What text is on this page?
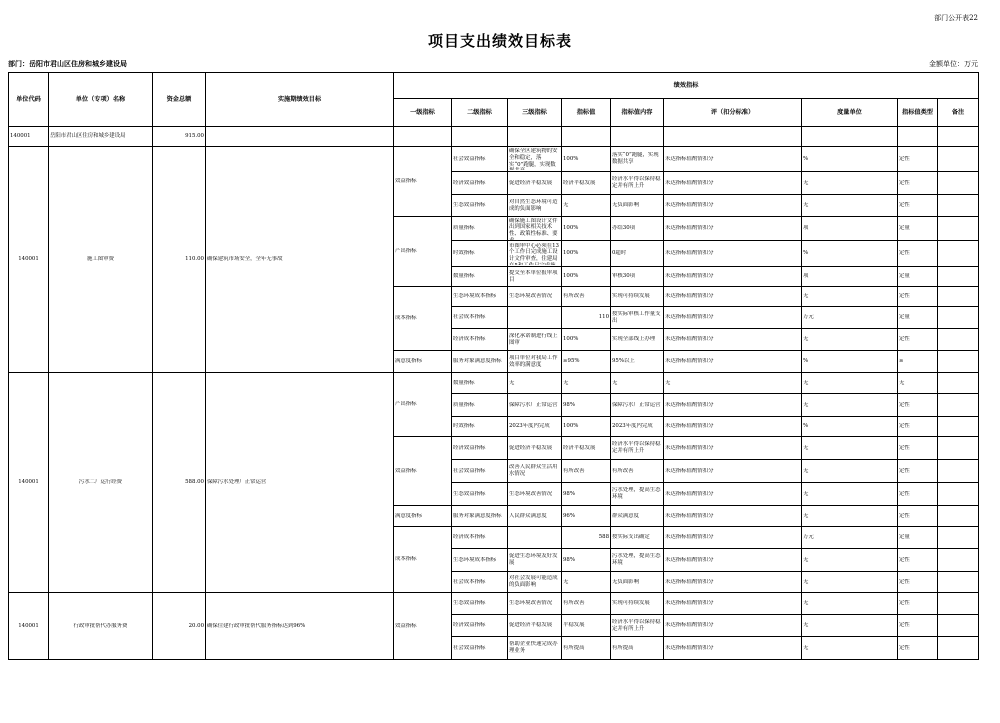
部门公开表22
项目支出绩效目标表
部门：岳阳市君山区住房和城乡建设局	金额单位：万元
单位代码	单位（专项）名称	资金总额	实施期绩效目标	绩效指标								
				一级指标	二级指标	三级指标	指标值	指标值内容	评（扣分标准）	度量单位	指标值类型	备注
140001	岳阳市君山区住房和城乡建设局	915.00										

140001	施工图审费	110.00	确保建筑市场安全，全年无事故	效益指标	社会效益指标	确保全区建筑物的安全和稳定，落实“0”跑腿，实现数	100%	落实“0”跑腿，实现数据共享	未达指标值酌情扣分	%	定性	

					经济效益指标	促进经济平稳发展	经济平稳发展	经济水平得以保持稳定并有所上升	未达指标值酌情扣分	无	定性	

					生态效益指标	对自然生态环境可造成的负面影响	无	无负面影响	未达指标值酌情扣分	无	定性	

				产出指标	质量指标	确保施工图设计文件出到国家相关技术性、政策性标准、要	100%	办结30项	未达指标值酌情扣分	项	定量	

					时效指标	市图审中心必须在13个工作日完成施工设计文件审查，住建局	100%	0超时	未达指标值酌情扣分	%	定性	

					数量指标	提交至本单位报审项目	100%	审核30项	未达指标值酌情扣分	项	定量	

				成本指标	生态环境成本指标	生态环境改善情况	有所改善	实现可持续发展	未达指标值酌情扣分	无	定性	

					社会成本指标		110	按实际审核工作量支出	未达指标值酌情扣分	万元	定量	

					经济成本指标	深化承诺制进行线上图审	100%	实现全部线上办理	未达指标值酌情扣分	无	定性	

				满意度指标	服务对象满意度指标	项目单位对我局工作效率的满意度	≥95%	95%以上	未达指标值酌情扣分	%	≥	

140001	污水二厂运行经费	588.00	保障污水处理厂正常运营	产出指标	数量指标	无	无	无	无	无	无	

					质量指标	保障污水厂正常运营	98%	保障污水厂正常运营	未达指标值酌情扣分	无	定性	

					时效指标	2023年度内完成	100%	2023年度内完成	未达指标值酌情扣分	%	定性	

				效益指标	经济效益指标	促进经济平稳发展	经济平稳发展	经济水平得以保持稳定并有所上升	未达指标值酌情扣分	无	定性	

					社会效益指标	改善人民群众生活用水情况	有所改善	有所改善	未达指标值酌情扣分	无	定性	

					生态效益指标	生态环境改善情况	98%	污水处理，提高生态环境	未达指标值酌情扣分	无	定性	

				满意度指标	服务对象满意度指标	人民群众满意度	96%	群众满意度	未达指标值酌情扣分	无	定性	

				成本指标	经济成本指标		588	按实际支出确定	未达指标值酌情扣分	万元	定量	

					生态环境成本指标	促进生态环境友好发展	98%	污水处理，提高生态环境	未达指标值酌情扣分	无	定性	

					社会成本指标	对社会发展可能造成的负面影响	无	无负面影响	未达指标值酌情扣分	无	定性	

140001	行政审批帮代办服务费	20.00	确保住建行政审批帮代服务指标达到96%	效益指标	生态效益指标	生态环境改善情况	有所改善	实现可持续发展	未达指标值酌情扣分	无	定性	

					经济效益指标	促进经济平稳发展	平稳发展	经济水平得以保持稳定并有所上升	未达指标值酌情扣分	无	定性	

					社会效益指标	帮助企业快速完成办理业务	有所提高	有所提高	未达指标值酌情扣分	无	定性	
